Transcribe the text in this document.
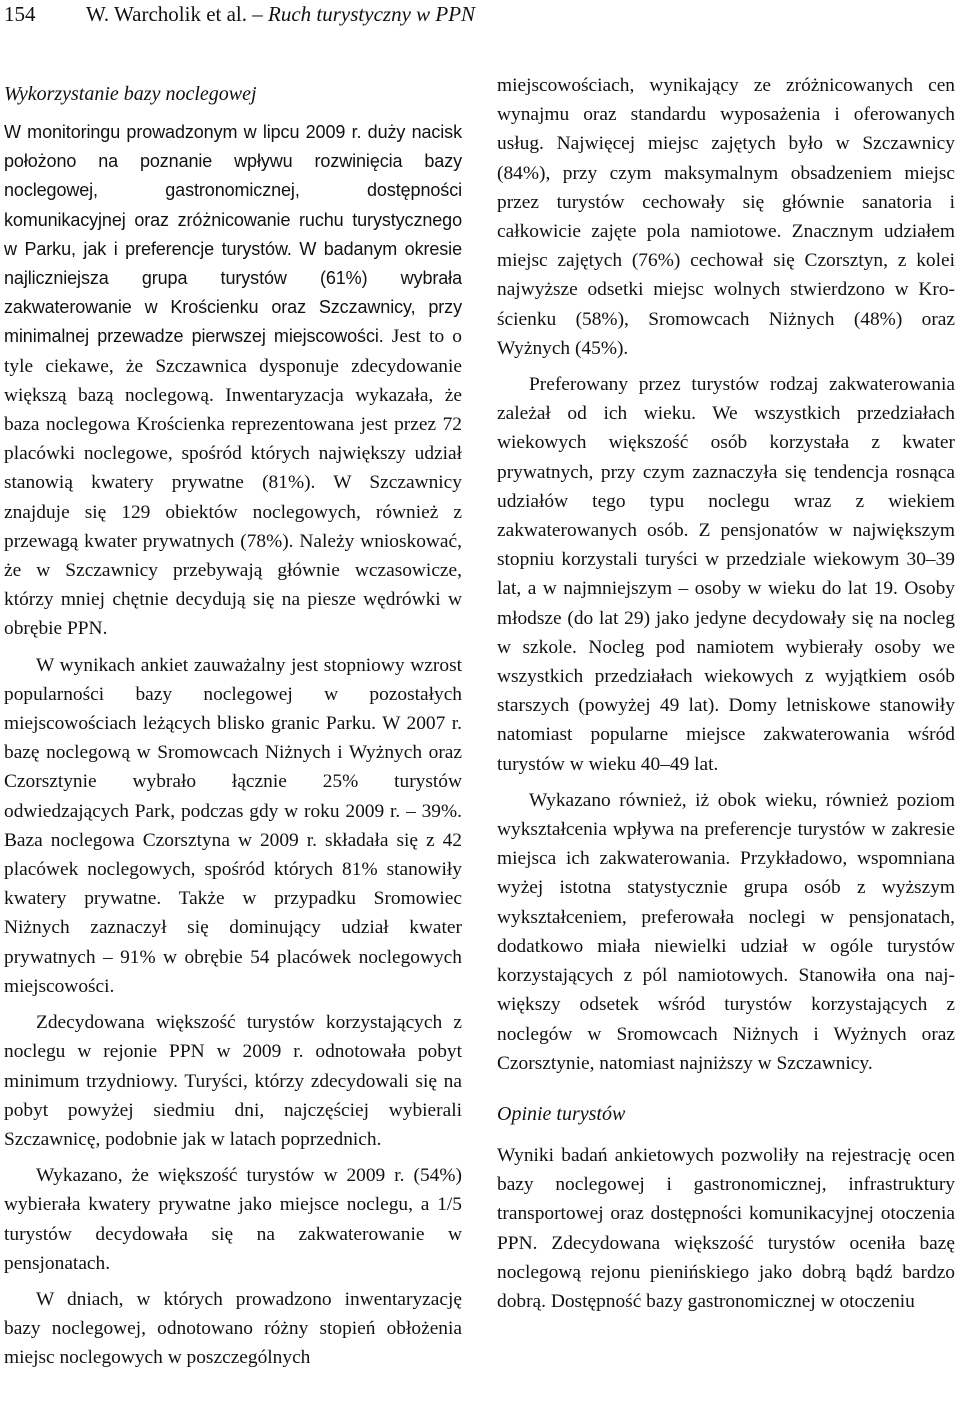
154 W. Warcholik et al. – Ruch turystyczny w PPN
Wykorzystanie bazy noclegowej

W monitoringu prowadzonym w lipcu 2009 r. duży nacisk położono na poznanie wpływu rozwinięcia bazy noclegowej, gastronomicznej, dostępności komunikacyjnej oraz zróżnicowanie ruchu turystycznego w Parku, jak i preferencje turystów. W badanym okresie najliczniejsza grupa turystów (61%) wybrała zakwaterowanie w Krościenku oraz Szczawnicy, przy minimalnej przewadze pierwszej miejscowości. Jest to o tyle ciekawe, że Szczawnica dysponuje zdecydowanie większą bazą noclegową. Inwentaryzacja wykazała, że baza noclegowa Krościenka reprezentowana jest przez 72 placówki noclegowe, spośród których największy udział stanowią kwatery prywatne (81%). W Szczawnicy znajduje się 129 obiektów noclegowych, również z przewagą kwater prywatnych (78%). Należy wnioskować, że w Szczawnicy przebywają głównie wczasowicze, którzy mniej chętnie decydują się na piesze wędrówki w obrębie PPN.

W wynikach ankiet zauważalny jest stopniowy wzrost popularności bazy noclegowej w pozostałych miejscowościach leżących blisko granic Parku. W 2007 r. bazę noclegową w Sromowcach Niżnych i Wyżnych oraz Czorsztynie wybrało łącznie 25% turystów odwiedzających Park, podczas gdy w roku 2009 r. – 39%. Baza noclegowa Czorsztyna w 2009 r. składała się z 42 placówek noclegowych, spośród których 81% stanowiły kwatery prywatne. Także w przypadku Sromowiec Niżnych zaznaczył się dominujący udział kwater prywatnych – 91% w obrębie 54 placówek noclegowych miejscowości.

Zdecydowana większość turystów korzystających z noclegu w rejonie PPN w 2009 r. odnotowała pobyt minimum trzydniowy. Turyści, którzy zdecydowali się na pobyt powyżej siedmiu dni, najczęściej wybierali Szczawnicę, podobnie jak w latach poprzednich.

Wykazano, że większość turystów w 2009 r. (54%) wybierała kwatery prywatne jako miejsce noclegu, a 1/5 turystów decydowała się na zakwaterowanie w pensjonatach.

W dniach, w których prowadzono inwentaryzację bazy noclegowej, odnotowano różny stopień obłożenia miejsc noclegowych w poszczególnych

miejscowościach, wynikający ze zróżnicowanych cen wynajmu oraz standardu wyposażenia i oferowanych usług. Najwięcej miejsc zajętych było w Szczawnicy (84%), przy czym maksymalnym obsadzeniem miejsc przez turystów cechowały się głównie sanatoria i całkowicie zajęte pola namiotowe. Znacznym udziałem miejsc zajętych (76%) cechował się Czorsztyn, z kolei najwyższe odsetki miejsc wolnych stwierdzono w Krościenku (58%), Sromowcach Niżnych (48%) oraz Wyżnych (45%).

Preferowany przez turystów rodzaj zakwaterowania zależał od ich wieku. We wszystkich przedziałach wiekowych większość osób korzystała z kwater prywatnych, przy czym zaznaczyła się tendencja rosnąca udziałów tego typu noclegu wraz z wiekiem zakwaterowanych osób. Z pensjonatów w największym stopniu korzystali turyści w przedziale wiekowym 30–39 lat, a w najmniejszym – osoby w wieku do lat 19. Osoby młodsze (do lat 29) jako jedyne decydowały się na nocleg w szkole. Nocleg pod namiotem wybierały osoby we wszystkich przedziałach wiekowych z wyjątkiem osób starszych (powyżej 49 lat). Domy letniskowe stanowiły natomiast popularne miejsce zakwaterowania wśród turystów w wieku 40–49 lat.

Wykazano również, iż obok wieku, również poziom wykształcenia wpływa na preferencje turystów w zakresie miejsca ich zakwaterowania. Przykładowo, wspomniana wyżej istotna statystycznie grupa osób z wyższym wykształceniem, preferowała noclegi w pensjonatach, dodatkowo miała niewielki udział w ogóle turystów korzystających z pól namiotowych. Stanowiła ona największy odsetek wśród turystów korzystających z noclegów w Sromowcach Niżnych i Wyżnych oraz Czorsztynie, natomiast najniższy w Szczawnicy.

Opinie turystów

Wyniki badań ankietowych pozwoliły na rejestrację ocen bazy noclegowej i gastronomicznej, infrastruktury transportowej oraz dostępności komunikacyjnej otoczenia PPN. Zdecydowana większość turystów oceniła bazę noclegową rejonu pienińskiego jako dobrą bądź bardzo dobrą. Dostępność bazy gastronomicznej w otoczeniu
